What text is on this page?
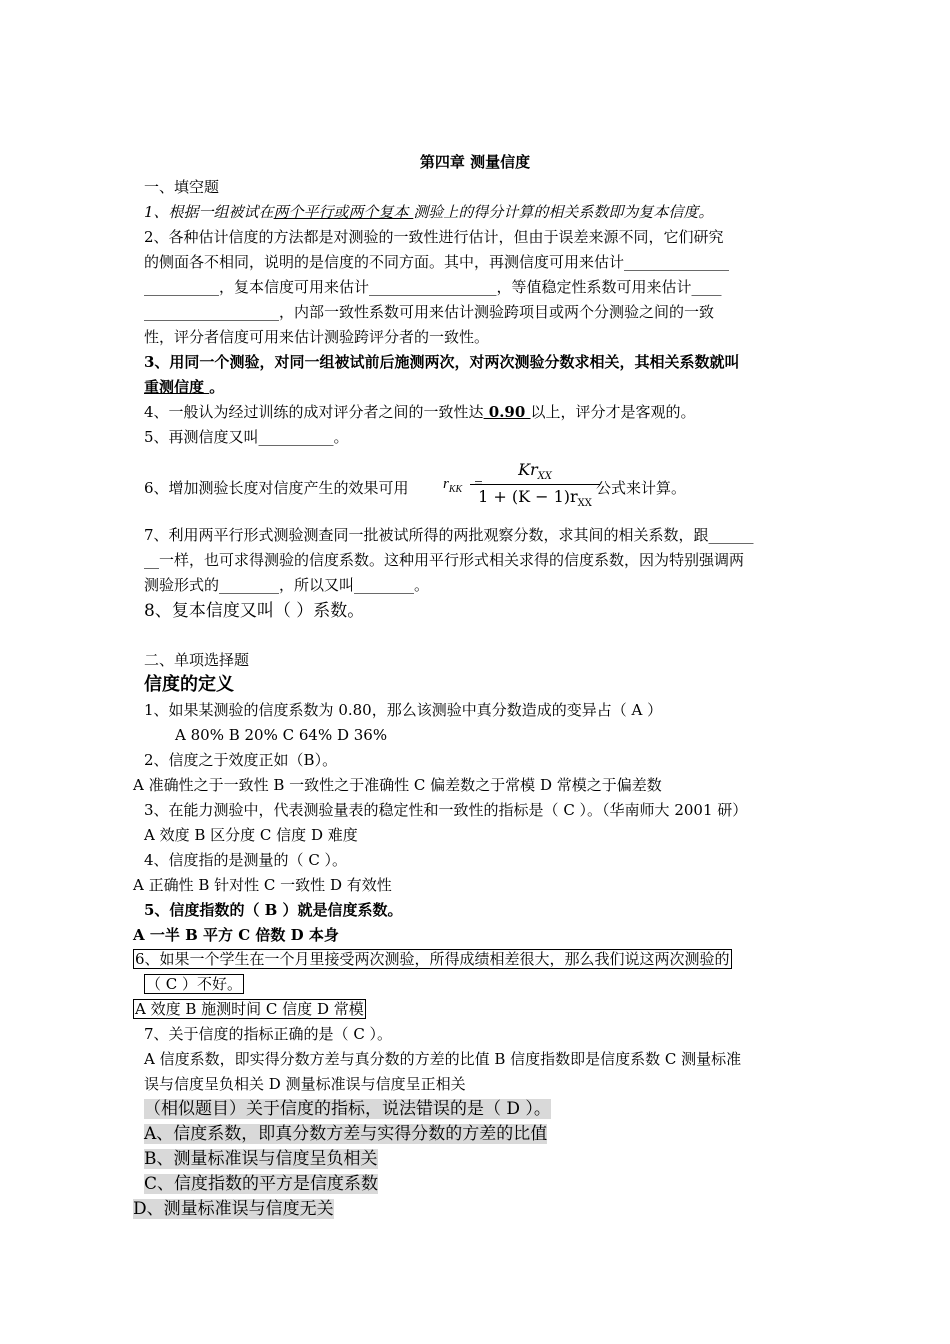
第四章 测量信度
一、填空题
1、根据一组被试在两个平行或两个复本 测验上的得分计算的相关系数即为复本信度。
2、各种估计信度的方法都是对测验的一致性进行估计，但由于误差来源不同，它们研究
的侧面各不相同，说明的是信度的不同方面。其中，再测信度可用来估计______________
__________，复本信度可用来估计_________________，等值稳定性系数可用来估计____
__________________，内部一致性系数可用来估计测验跨项目或两个分测验之间的一致
性，评分者信度可用来估计测验跨评分者的一致性。
3、用同一个测验，对同一组被试前后施测两次，对两次测验分数求相关，其相关系数就叫
重测信度 。
4、一般认为经过训练的成对评分者之间的一致性达 0.90 以上，评分才是客观的。
5、再测信度又叫__________。
6、增加测验长度对信度产生的效果可用 $r_{KK}$ =
$Kr_{XX}$
$1 + (K - 1)r_{XX}$
公式来计算。
7、利用两平行形式测验测查同一批被试所得的两批观察分数，求其间的相关系数，跟______
__一样，也可求得测验的信度系数。这种用平行形式相关求得的信度系数，因为特别强调两
测验形式的________，所以又叫________。
8、复本信度又叫（ ）系数。
二、单项选择题
信度的定义
1、如果某测验的信度系数为 0.80，那么该测验中真分数造成的变异占（ A ）
A 80% B 20% C 64% D 36%
2、信度之于效度正如（B）。
A 准确性之于一致性 B 一致性之于准确性 C 偏差数之于常模 D 常模之于偏差数
3、在能力测验中，代表测验量表的稳定性和一致性的指标是（ C ）。（华南师大 2001 研）
A 效度 B 区分度 C 信度 D 难度
4、信度指的是测量的（ C ）。
A 正确性 B 针对性 C 一致性 D 有效性
5、信度指数的（ B ）就是信度系数。
A 一半 B 平方 C 倍数 D 本身
6、如果一个学生在一个月里接受两次测验，所得成绩相差很大，那么我们说这两次测验的
（ C ）不好。
A 效度 B 施测时间 C 信度 D 常模
7、关于信度的指标正确的是（ C ）。
A 信度系数，即实得分数方差与真分数的方差的比值 B 信度指数即是信度系数 C 测量标准
误与信度呈负相关 D 测量标准误与信度呈正相关
（相似题目）关于信度的指标，说法错误的是（ D ）。
A、信度系数，即真分数方差与实得分数的方差的比值
B、测量标准误与信度呈负相关
C、信度指数的平方是信度系数
D、测量标准误与信度无关
